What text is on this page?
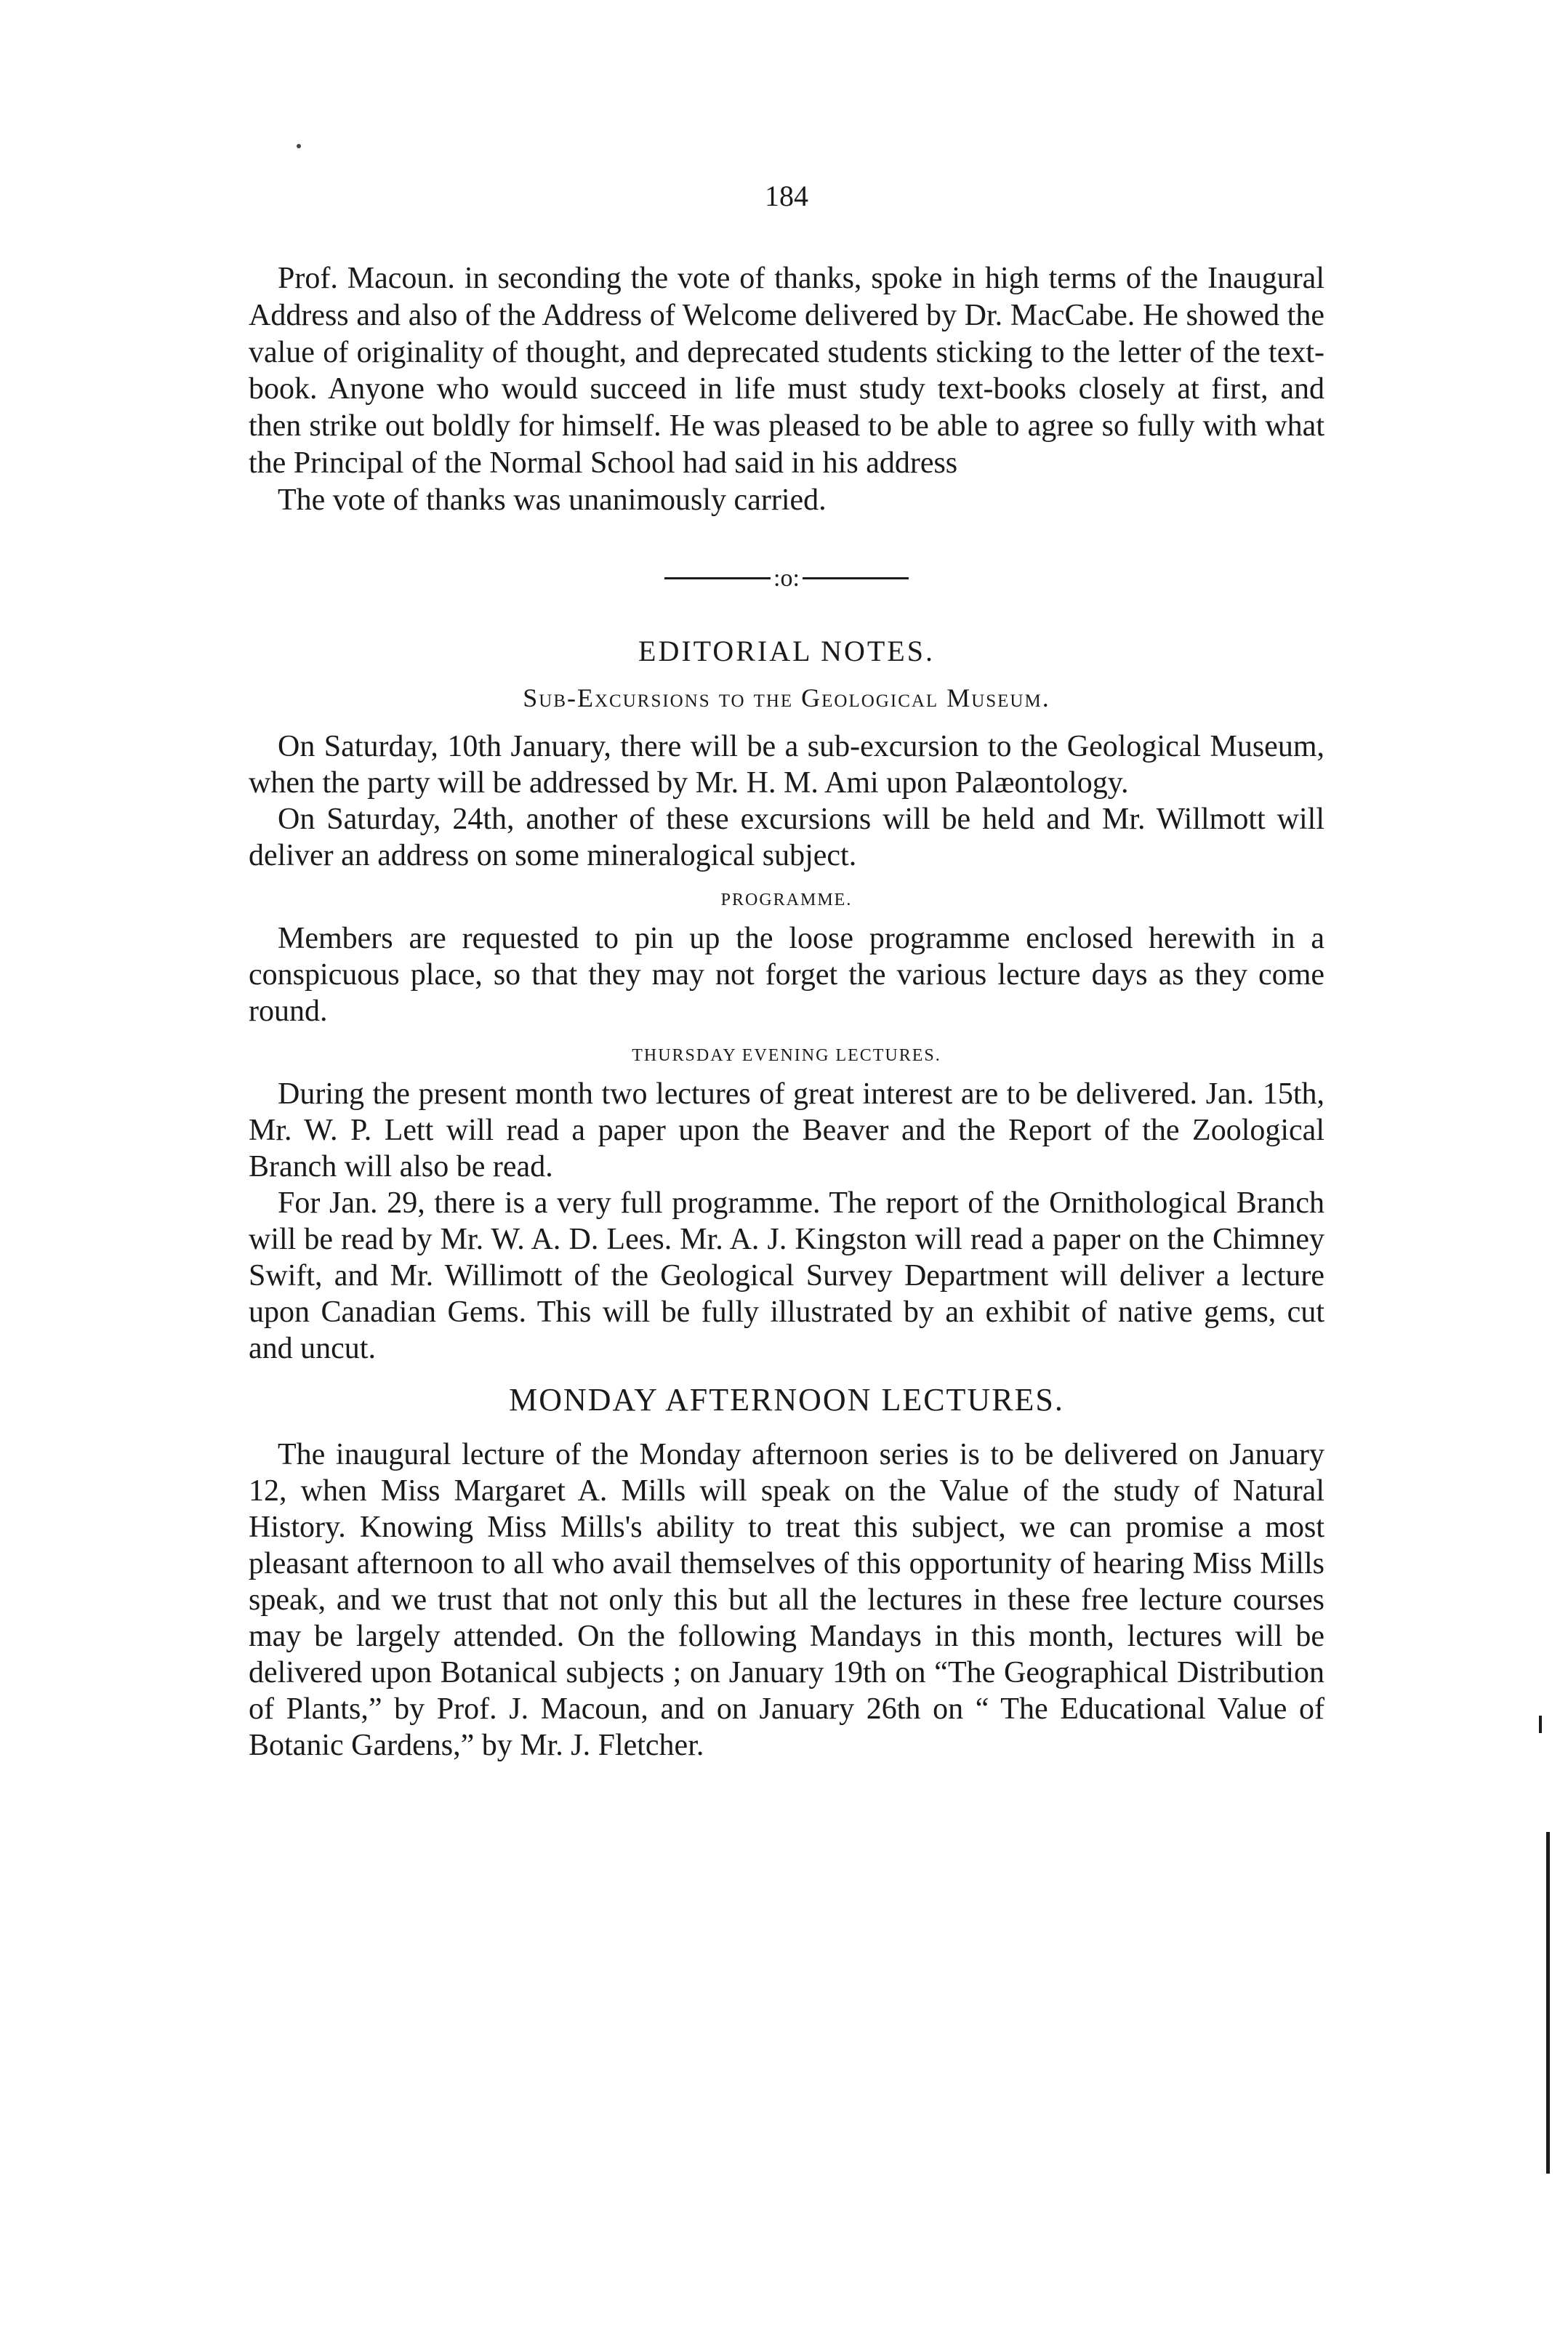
184

Prof. Macoun. in seconding the vote of thanks, spoke in high terms of the Inaugural Address and also of the Address of Welcome delivered by Dr. MacCabe. He showed the value of originality of thought, and deprecated students sticking to the letter of the text-book. Anyone who would succeed in life must study text-books closely at first, and then strike out boldly for himself. He was pleased to be able to agree so fully with what the Principal of the Normal School had said in his address

The vote of thanks was unanimously carried.

:o:
EDITORIAL NOTES.
Sub-Excursions to the Geological Museum.

On Saturday, 10th January, there will be a sub-excursion to the Geological Museum, when the party will be addressed by Mr. H. M. Ami upon Palæontology.

On Saturday, 24th, another of these excursions will be held and Mr. Willmott will deliver an address on some mineralogical subject.

PROGRAMME.

Members are requested to pin up the loose programme enclosed herewith in a conspicuous place, so that they may not forget the various lecture days as they come round.

THURSDAY EVENING LECTURES.

During the present month two lectures of great interest are to be delivered. Jan. 15th, Mr. W. P. Lett will read a paper upon the Beaver and the Report of the Zoological Branch will also be read.

For Jan. 29, there is a very full programme. The report of the Ornithological Branch will be read by Mr. W. A. D. Lees. Mr. A. J. Kingston will read a paper on the Chimney Swift, and Mr. Willimott of the Geological Survey Department will deliver a lecture upon Canadian Gems. This will be fully illustrated by an exhibit of native gems, cut and uncut.

MONDAY AFTERNOON LECTURES.

The inaugural lecture of the Monday afternoon series is to be delivered on January 12, when Miss Margaret A. Mills will speak on the Value of the study of Natural History. Knowing Miss Mills's ability to treat this subject, we can promise a most pleasant afternoon to all who avail themselves of this opportunity of hearing Miss Mills speak, and we trust that not only this but all the lectures in these free lecture courses may be largely attended. On the following Mandays in this month, lectures will be delivered upon Botanical subjects ; on January 19th on “The Geographical Distribution of Plants,” by Prof. J. Macoun, and on January 26th on “ The Educational Value of Botanic Gardens,” by Mr. J. Fletcher.
